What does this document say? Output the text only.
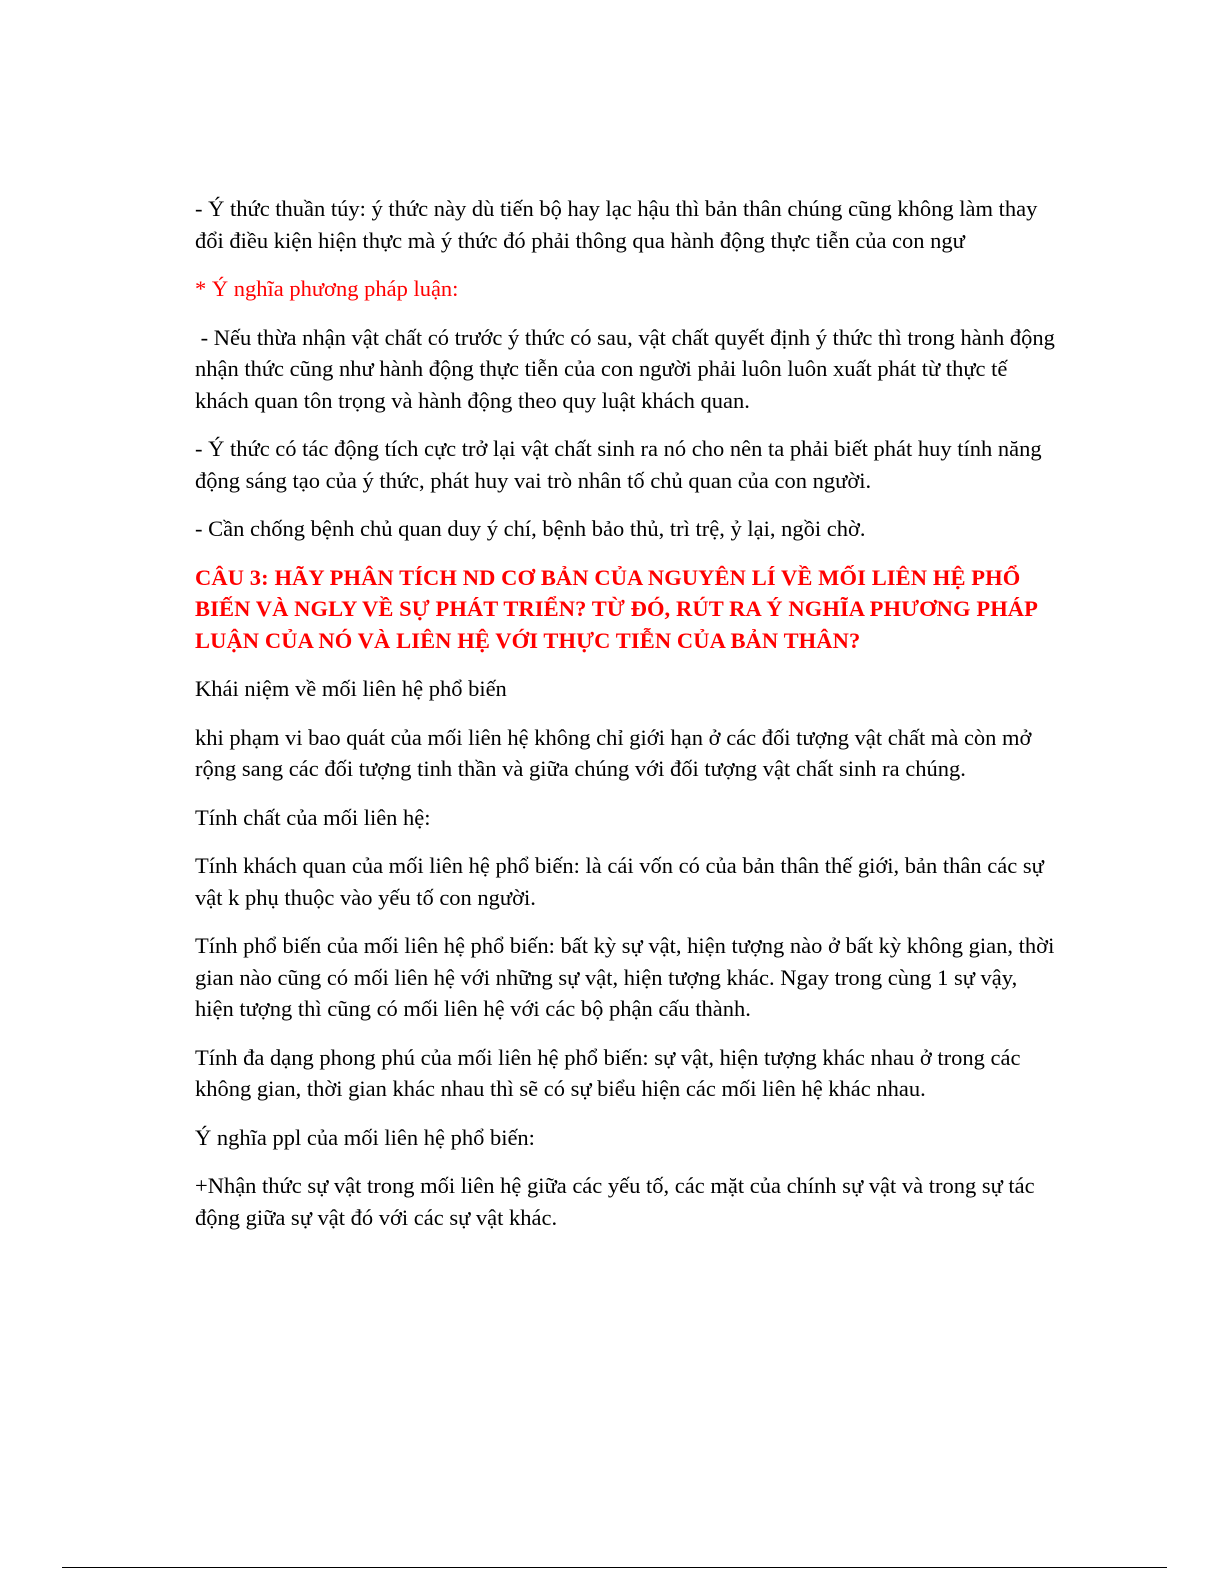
- Ý thức thuần túy: ý thức này dù tiến bộ hay lạc hậu thì bản thân chúng cũng không làm thay đổi điều kiện hiện thực mà ý thức đó phải thông qua hành động thực tiễn của con ngư

* Ý nghĩa phương pháp luận:

- Nếu thừa nhận vật chất có trước ý thức có sau, vật chất quyết định ý thức thì trong hành động nhận thức cũng như hành động thực tiễn của con người phải luôn luôn xuất phát từ thực tế khách quan tôn trọng và hành động theo quy luật khách quan.

- Ý thức có tác động tích cực trở lại vật chất sinh ra nó cho nên ta phải biết phát huy tính năng động sáng tạo của ý thức, phát huy vai trò nhân tố chủ quan của con người.

- Cần chống bệnh chủ quan duy ý chí, bệnh bảo thủ, trì trệ, ỷ lại, ngồi chờ.

CÂU 3: HÃY PHÂN TÍCH ND CƠ BẢN CỦA NGUYÊN LÍ VỀ MỐI LIÊN HỆ PHỔ BIẾN VÀ NGLY VỀ SỰ PHÁT TRIỂN? TỪ ĐÓ, RÚT RA Ý NGHĨA PHƯƠNG PHÁP LUẬN CỦA NÓ VÀ LIÊN HỆ VỚI THỰC TIỄN CỦA BẢN THÂN?

Khái niệm về mối liên hệ phổ biến

khi phạm vi bao quát của mối liên hệ không chỉ giới hạn ở các đối tượng vật chất mà còn mở rộng sang các đối tượng tinh thần và giữa chúng với đối tượng vật chất sinh ra chúng.

Tính chất của mối liên hệ:

Tính khách quan của mối liên hệ phổ biến: là cái vốn có của bản thân thế giới, bản thân các sự vật k phụ thuộc vào yếu tố con người.

Tính phổ biến của mối liên hệ phổ biến: bất kỳ sự vật, hiện tượng nào ở bất kỳ không gian, thời gian nào cũng có mối liên hệ với những sự vật, hiện tượng khác. Ngay trong cùng 1 sự vậy, hiện tượng thì cũng có mối liên hệ với các bộ phận cấu thành.

Tính đa dạng phong phú của mối liên hệ phổ biến: sự vật, hiện tượng khác nhau ở trong các không gian, thời gian khác nhau thì sẽ có sự biểu hiện các mối liên hệ khác nhau.

Ý nghĩa ppl của mối liên hệ phổ biến:

+Nhận thức sự vật trong mối liên hệ giữa các yếu tố, các mặt của chính sự vật và trong sự tác động giữa sự vật đó với các sự vật khác.
